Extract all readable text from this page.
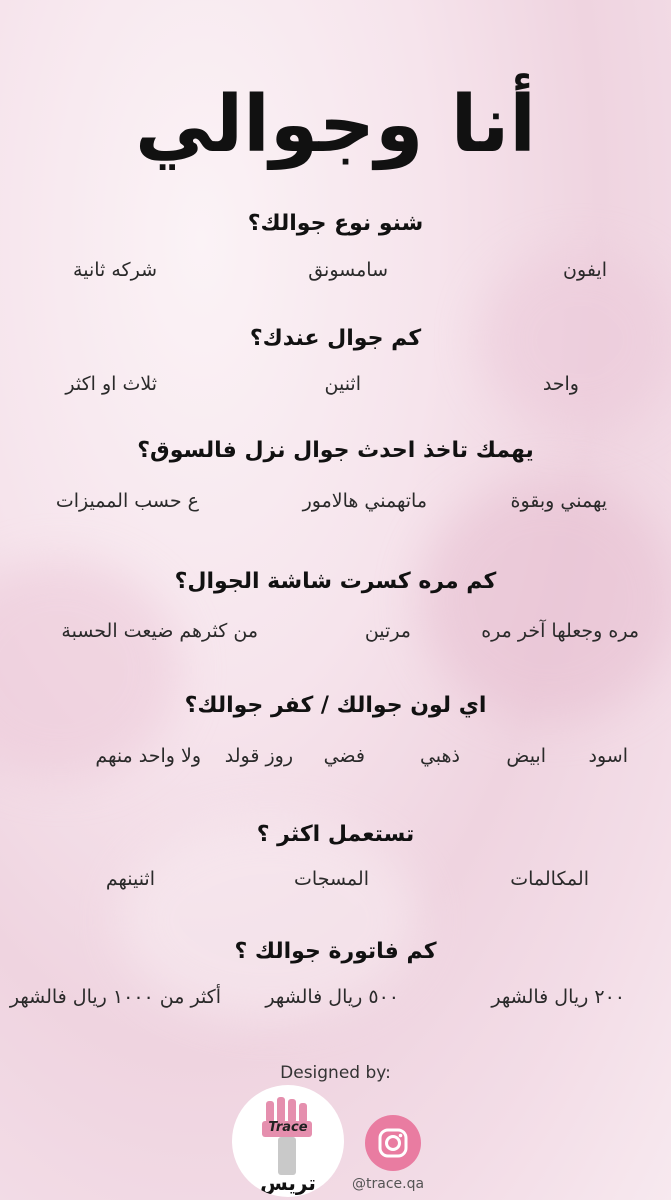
أنا وجوالي
شنو نوع جوالك؟
ايفون
سامسونق
شركه ثانية
كم جوال عندك؟
واحد
اثنين
ثلاث او اكثر
يهمك تاخذ احدث جوال نزل فالسوق؟
يهمني وبقوة
ماتهمني هالامور
ع حسب المميزات
كم مره كسرت شاشة الجوال؟
مره وجعلها آخر مره
مرتين
من كثرهم ضيعت الحسبة
اي لون جوالك / كفر جوالك؟
اسود
ابيض
ذهبي
فضي
روز قولد
ولا واحد منهم
تستعمل اكثر ؟
المكالمات
المسجات
اثنينهم
كم فاتورة جوالك ؟
٢٠٠ ريال فالشهر
٥٠٠ ريال فالشهر
أكثر من ١٠٠٠ ريال فالشهر
Designed by:
Trace
تريس	@trace.qa
